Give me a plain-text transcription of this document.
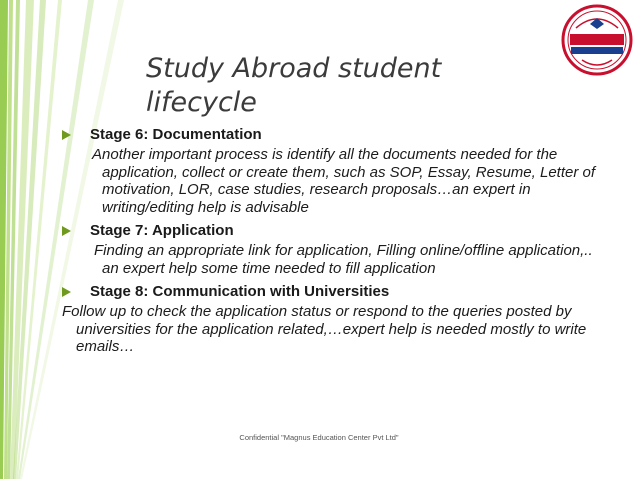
Study Abroad student lifecycle
Stage 6: Documentation
Another important process is identify all the documents needed for the application, collect or create them, such as SOP, Essay, Resume, Letter of motivation, LOR, case studies, research proposals…an expert in writing/editing help is advisable
Stage 7: Application
Finding an appropriate link for application, Filling online/offline application,.. an expert help some time needed to fill application
Stage 8: Communication with Universities
Follow up to check the application status or respond to the queries posted by universities for the application related,…expert help is needed mostly to write emails…
Confidential "Magnus Education Center Pvt Ltd"
